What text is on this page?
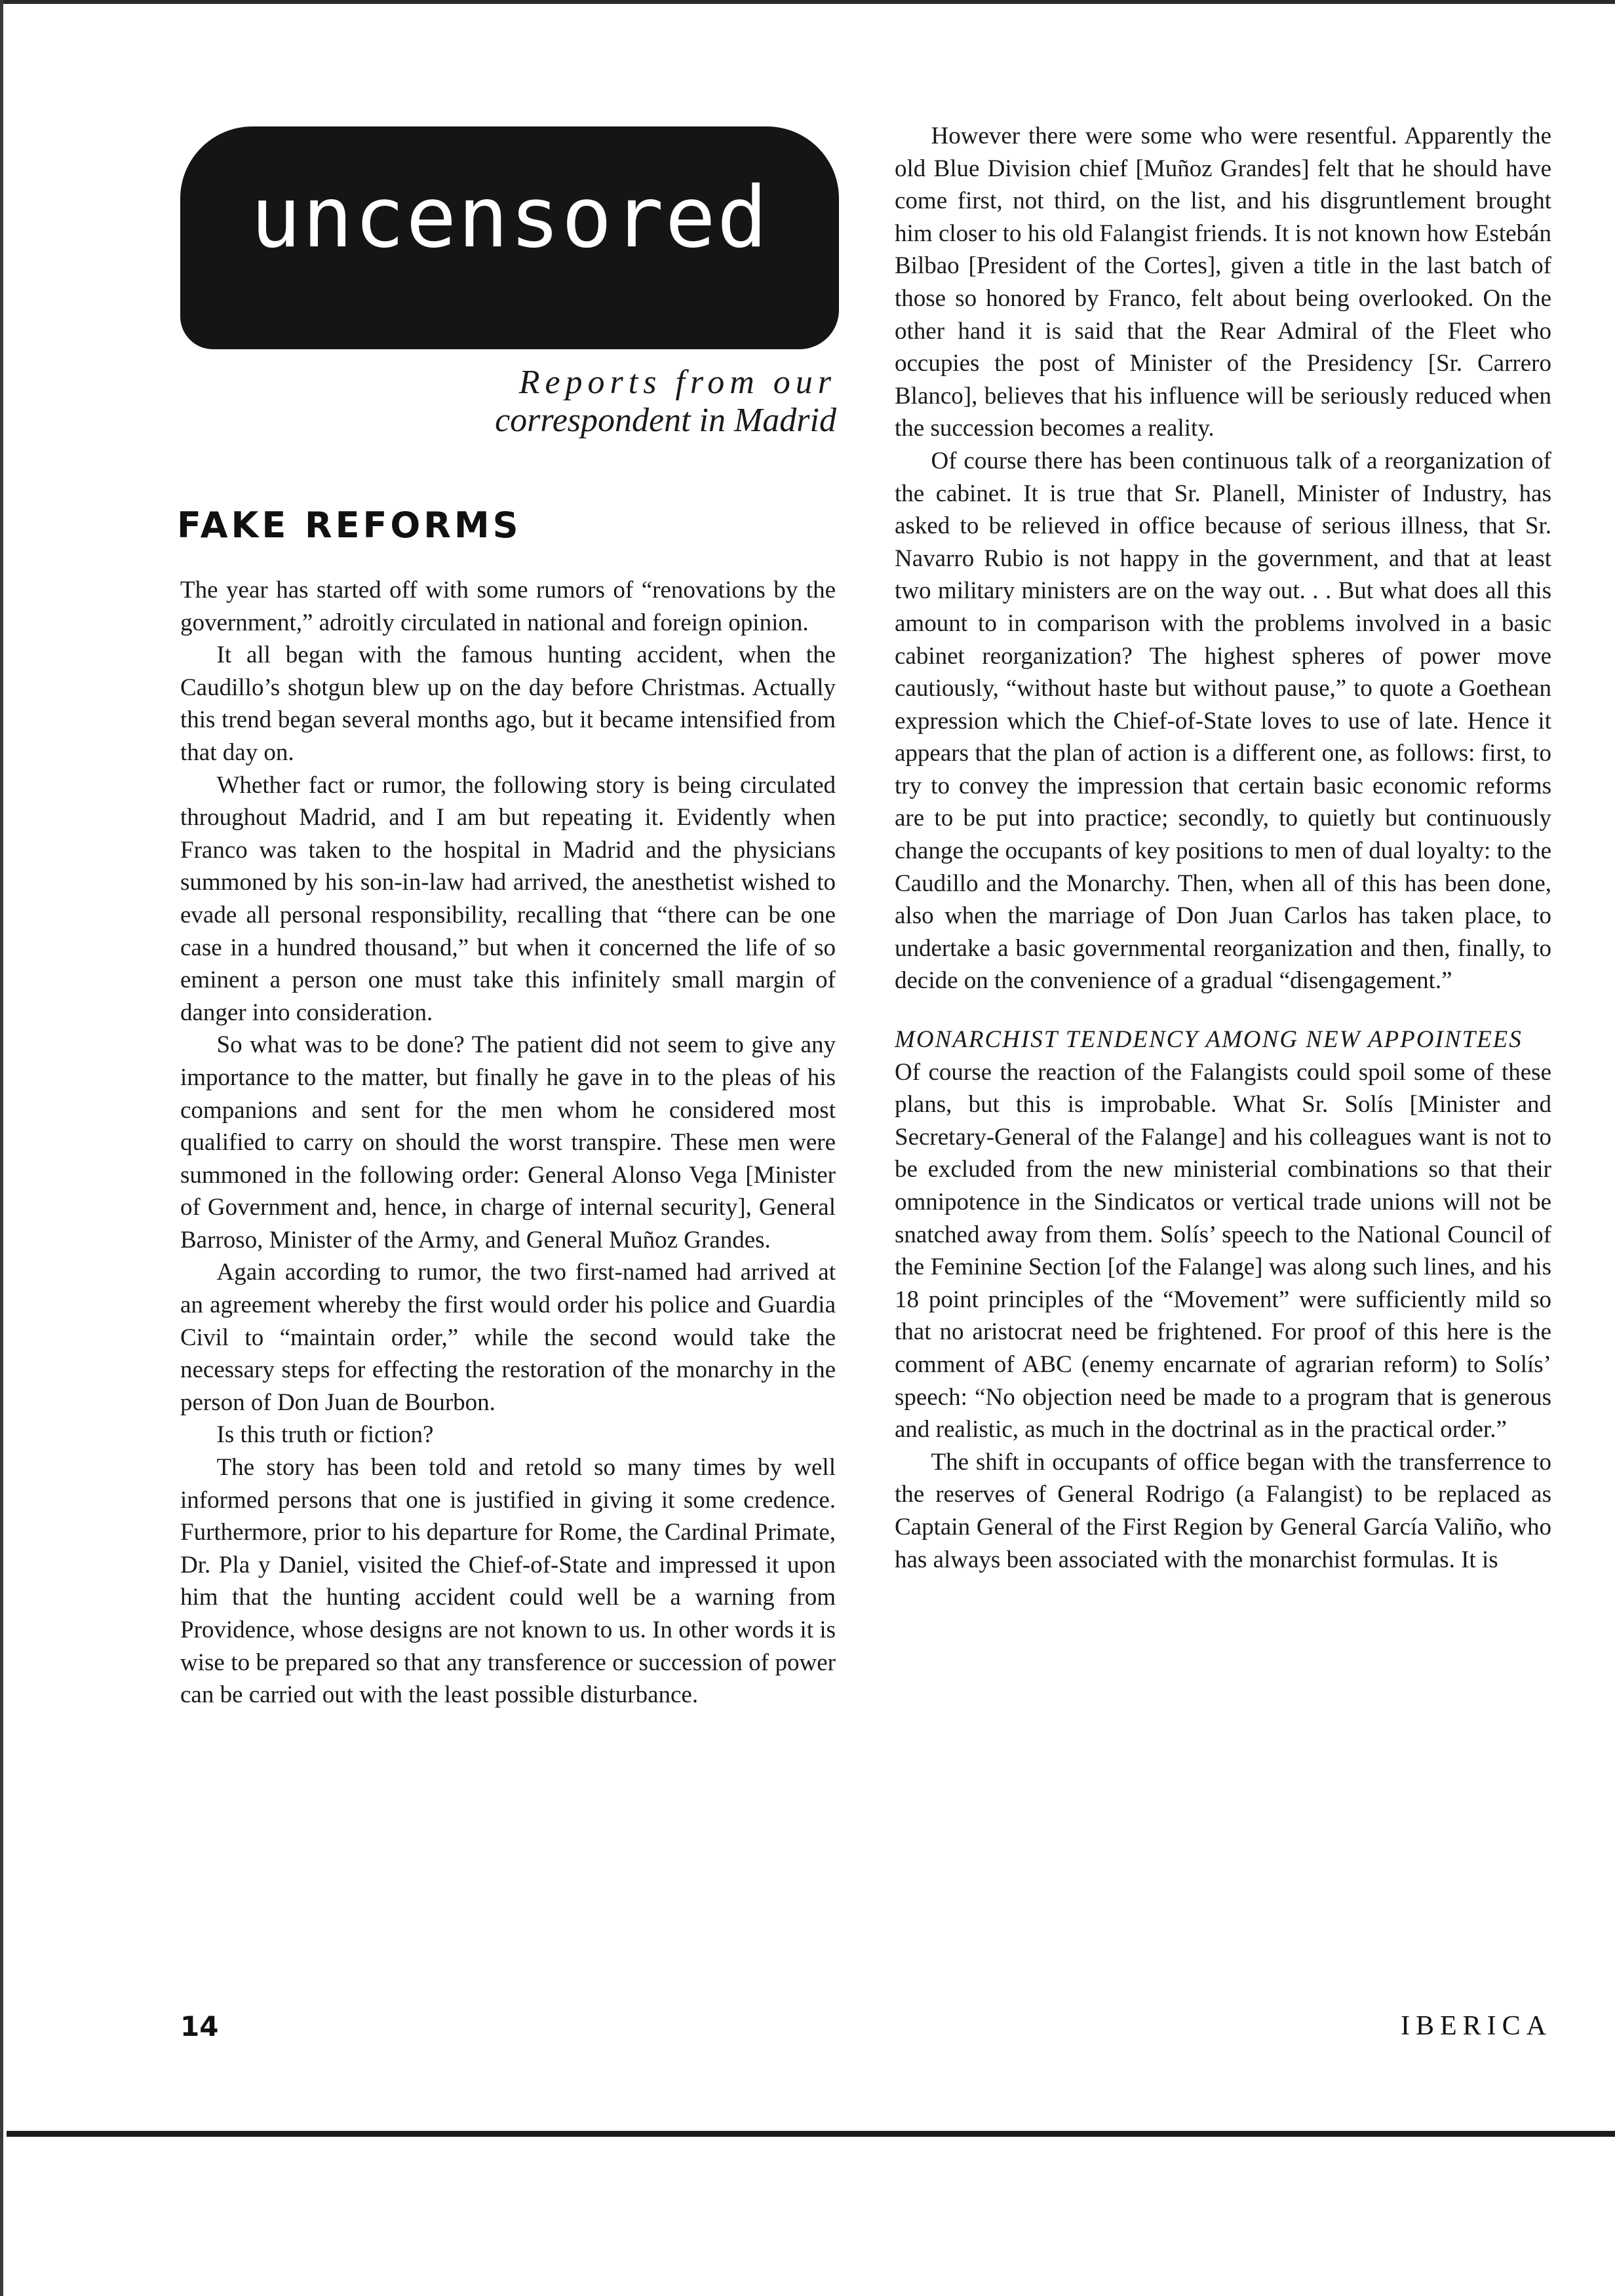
uncensored
Reports from our
correspondent in Madrid
FAKE REFORMS

The year has started off with some rumors of “renovations by the government,” adroitly circulated in national and foreign opinion.

It all began with the famous hunting accident, when the Caudillo’s shotgun blew up on the day before Christmas. Actually this trend began several months ago, but it became intensified from that day on.

Whether fact or rumor, the following story is being circulated throughout Madrid, and I am but repeating it. Evidently when Franco was taken to the hospital in Madrid and the physicians summoned by his son-in-law had arrived, the anesthetist wished to evade all personal responsibility, recalling that “there can be one case in a hundred thousand,” but when it concerned the life of so eminent a person one must take this infinitely small margin of danger into consideration.

So what was to be done? The patient did not seem to give any importance to the matter, but finally he gave in to the pleas of his companions and sent for the men whom he considered most qualified to carry on should the worst transpire. These men were summoned in the following order: General Alonso Vega [Minister of Government and, hence, in charge of internal security], General Barroso, Minister of the Army, and General Muñoz Grandes.

Again according to rumor, the two first-named had arrived at an agreement whereby the first would order his police and Guardia Civil to “maintain order,” while the second would take the necessary steps for effecting the restoration of the monarchy in the person of Don Juan de Bourbon.

Is this truth or fiction?

The story has been told and retold so many times by well informed persons that one is justified in giving it some credence. Furthermore, prior to his departure for Rome, the Cardinal Primate, Dr. Pla y Daniel, visited the Chief-of-State and impressed it upon him that the hunting accident could well be a warning from Providence, whose designs are not known to us. In other words it is wise to be prepared so that any transference or succession of power can be carried out with the least possible disturbance.

However there were some who were resentful. Apparently the old Blue Division chief [Muñoz Grandes] felt that he should have come first, not third, on the list, and his disgruntlement brought him closer to his old Falangist friends. It is not known how Estebán Bilbao [President of the Cortes], given a title in the last batch of those so honored by Franco, felt about being overlooked. On the other hand it is said that the Rear Admiral of the Fleet who occupies the post of Minister of the Presidency [Sr. Carrero Blanco], believes that his influence will be seriously reduced when the succession becomes a reality.

Of course there has been continuous talk of a reorganization of the cabinet. It is true that Sr. Planell, Minister of Industry, has asked to be relieved in office because of serious illness, that Sr. Navarro Rubio is not happy in the government, and that at least two military ministers are on the way out. . . But what does all this amount to in comparison with the problems involved in a basic cabinet reorganization? The highest spheres of power move cautiously, “without haste but without pause,” to quote a Goethean expression which the Chief-of-State loves to use of late. Hence it appears that the plan of action is a different one, as follows: first, to try to convey the impression that certain basic economic reforms are to be put into practice; secondly, to quietly but continuously change the occupants of key positions to men of dual loyalty: to the Caudillo and the Monarchy. Then, when all of this has been done, also when the marriage of Don Juan Carlos has taken place, to undertake a basic governmental reorganization and then, finally, to decide on the convenience of a gradual “disengagement.”

MONARCHIST TENDENCY AMONG NEW APPOINTEES

Of course the reaction of the Falangists could spoil some of these plans, but this is improbable. What Sr. Solís [Minister and Secretary-General of the Falange] and his colleagues want is not to be excluded from the new ministerial combinations so that their omnipotence in the Sindicatos or vertical trade unions will not be snatched away from them. Solís’ speech to the National Council of the Feminine Section [of the Falange] was along such lines, and his 18 point principles of the “Movement” were sufficiently mild so that no aristocrat need be frightened. For proof of this here is the comment of ABC (enemy encarnate of agrarian reform) to Solís’ speech: “No objection need be made to a program that is generous and realistic, as much in the doctrinal as in the practical order.”

The shift in occupants of office began with the transferrence to the reserves of General Rodrigo (a Falangist) to be replaced as Captain General of the First Region by General García Valiño, who has always been associated with the monarchist formulas. It is

14	IBERICA
